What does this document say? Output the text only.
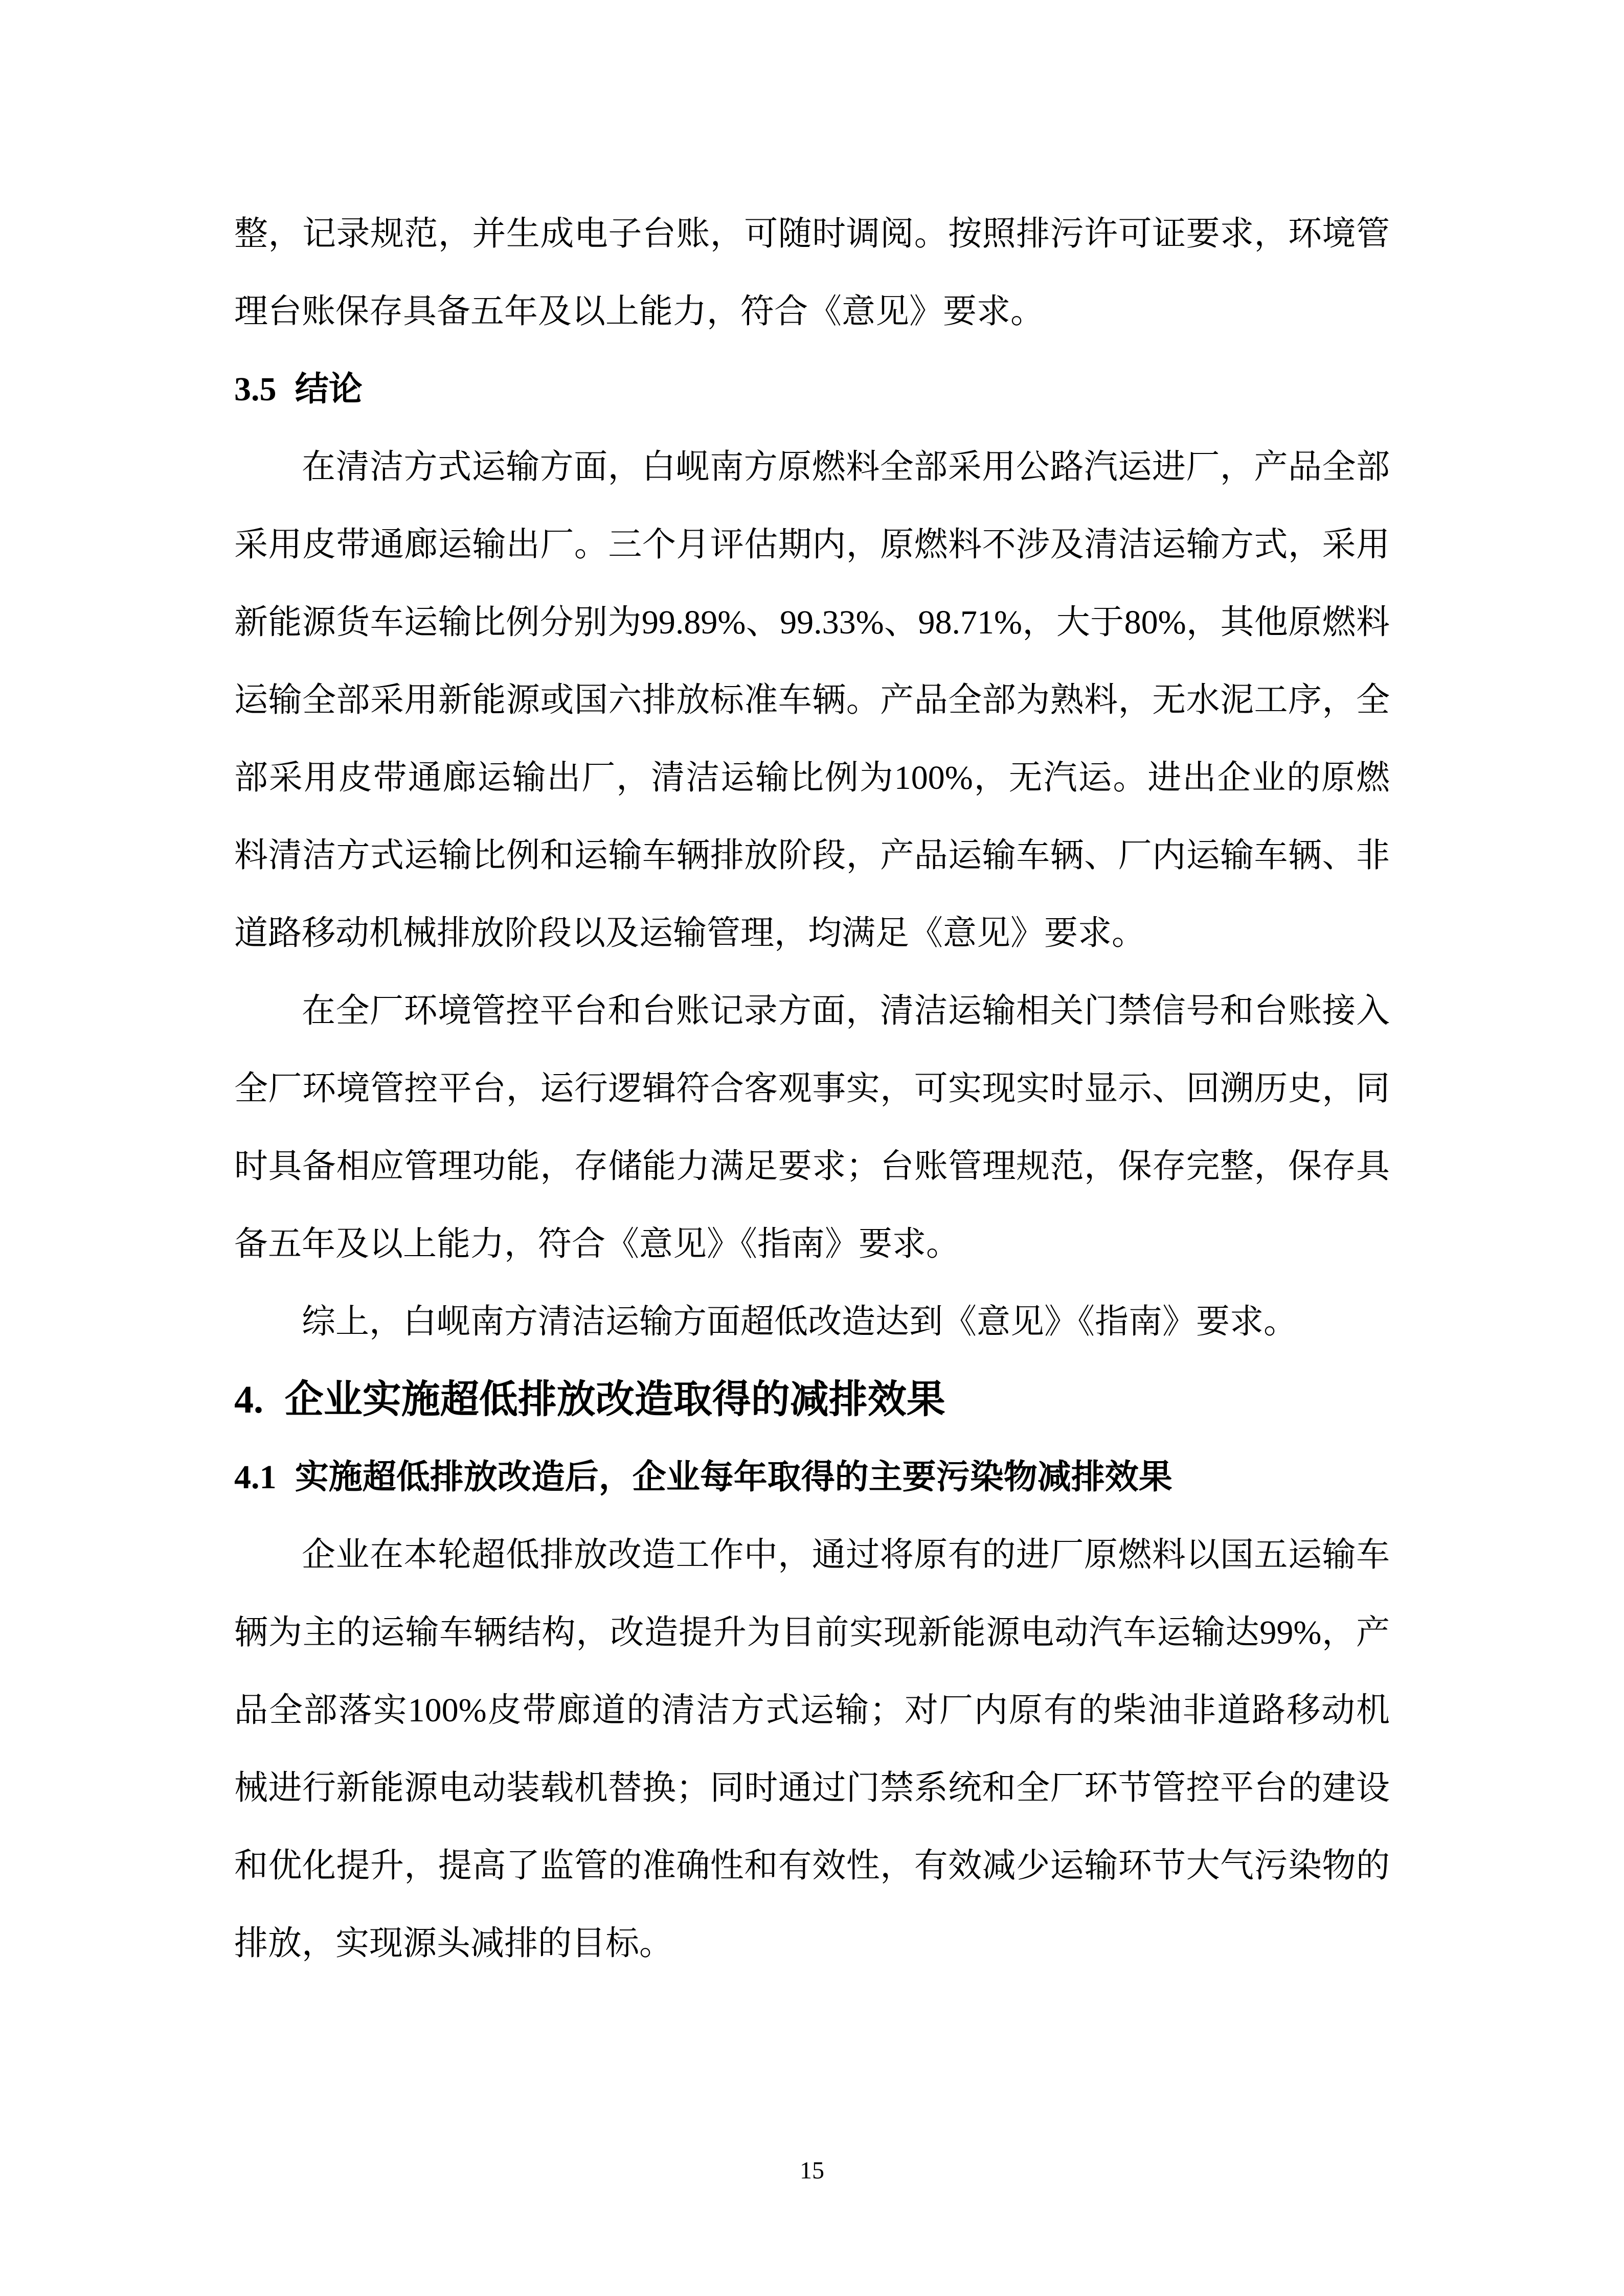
整，记录规范，并生成电子台账，可随时调阅。按照排污许可证要求，环境管理台账保存具备五年及以上能力，符合《意见》要求。

3.5 结论

在清洁方式运输方面，白岘南方原燃料全部采用公路汽运进厂，产品全部采用皮带通廊运输出厂。三个月评估期内，原燃料不涉及清洁运输方式，采用新能源货车运输比例分别为99.89%、99.33%、98.71%，大于80%，其他原燃料运输全部采用新能源或国六排放标准车辆。产品全部为熟料，无水泥工序，全部采用皮带通廊运输出厂，清洁运输比例为100%，无汽运。进出企业的原燃料清洁方式运输比例和运输车辆排放阶段，产品运输车辆、厂内运输车辆、非道路移动机械排放阶段以及运输管理，均满足《意见》要求。

在全厂环境管控平台和台账记录方面，清洁运输相关门禁信号和台账接入全厂环境管控平台，运行逻辑符合客观事实，可实现实时显示、回溯历史，同时具备相应管理功能，存储能力满足要求；台账管理规范，保存完整，保存具备五年及以上能力，符合《意见》《指南》要求。

综上，白岘南方清洁运输方面超低改造达到《意见》《指南》要求。

4. 企业实施超低排放改造取得的减排效果
4.1 实施超低排放改造后，企业每年取得的主要污染物减排效果

企业在本轮超低排放改造工作中，通过将原有的进厂原燃料以国五运输车辆为主的运输车辆结构，改造提升为目前实现新能源电动汽车运输达99%，产品全部落实100%皮带廊道的清洁方式运输；对厂内原有的柴油非道路移动机械进行新能源电动装载机替换；同时通过门禁系统和全厂环节管控平台的建设和优化提升，提高了监管的准确性和有效性，有效减少运输环节大气污染物的排放，实现源头减排的目标。

15
